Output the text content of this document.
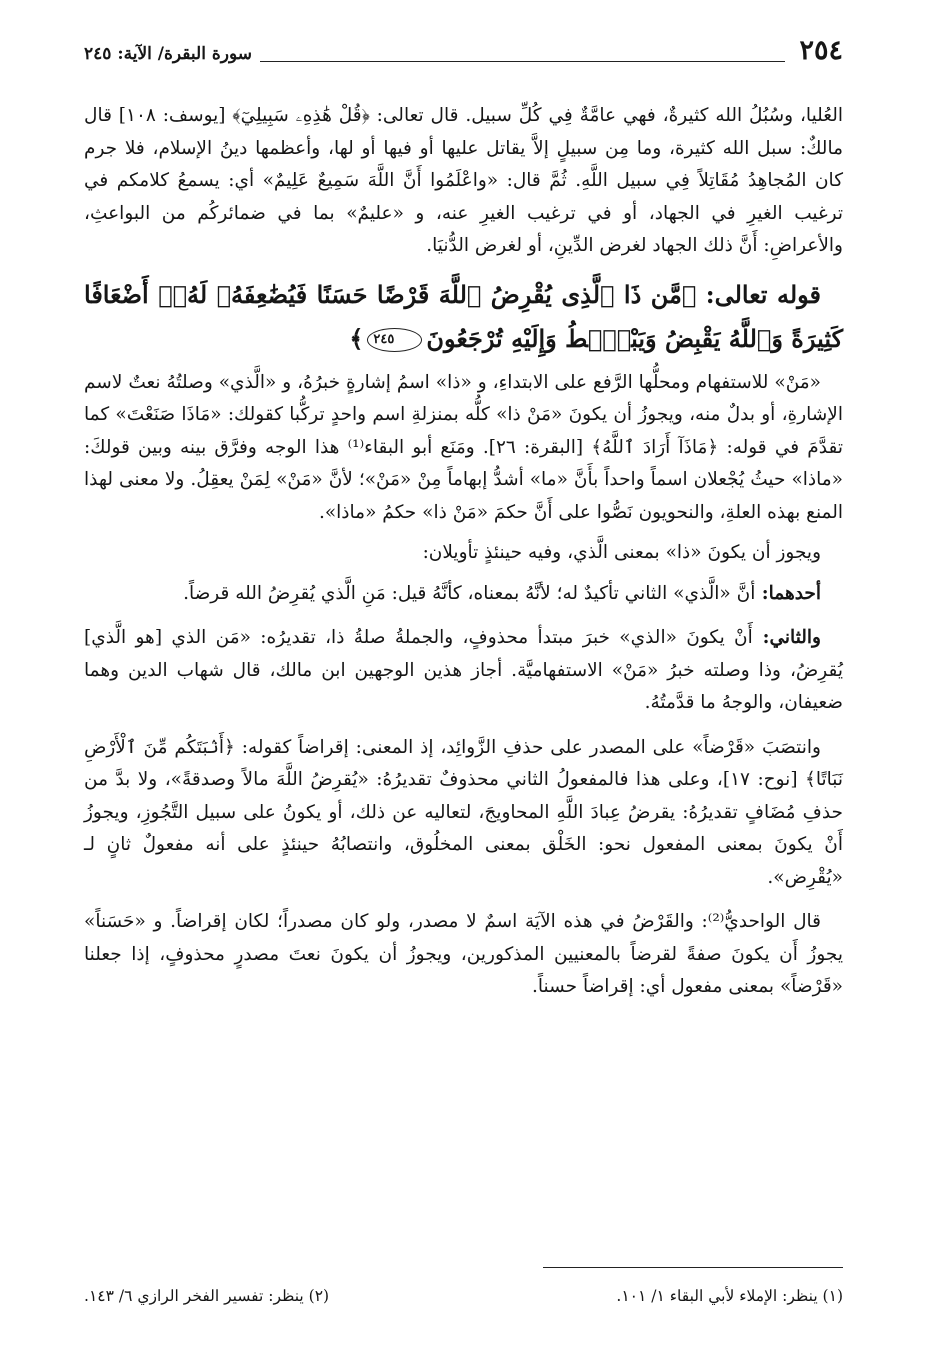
٢٥٤
سورة البقرة/ الآية: ٢٤٥

العُليا، وسُبُلُ الله كثيرةٌ، فهي عامَّةٌ فِي كُلِّ سبيل. قال تعالى: ﴿قُلْ هَٰذِهِۦ سَبِيلِيٓ﴾ [يوسف: ١٠٨] قال مالكٌ: سبل الله كثيرة، وما مِن سبيلٍ إلاَّ يقاتل عليها أو فيها أو لها، وأعظمها دينُ الإسلام، فلا جرم كان المُجاهِدُ مُقَاتِلاً فِي سبيل اللَّهِ. ثُمَّ قال: «واعْلَمُوا أَنَّ اللَّهَ سَمِيعٌ عَلِيمٌ» أي: يسمعُ كلامكم في ترغيب الغيرِ في الجهاد، أو في ترغيب الغيرِ عنه، و «عليمٌ» بما في ضمائركُم من البواعثِ، والأعراضِ: أَنَّ ذلك الجهاد لغرض الدِّينِ، أو لغرض الدُّنيَا.

قوله تعالى: ﴿مَّن ذَا ٱلَّذِى يُقْرِضُ ٱللَّهَ قَرْضًا حَسَنًا فَيُضَٰعِفَهُۥ لَهُۥٓ أَضْعَافًا كَثِيرَةً وَٱللَّهُ يَقْبِضُ وَيَبْصُۜطُ وَإِلَيْهِ تُرْجَعُونَ٢٤٥﴾

«مَنْ» للاستفهام ومحلُّها الرَّفع على الابتداءِ، و «ذا» اسمُ إشارةٍ خبرُهُ، و «الَّذي» وصلتُهُ نعتٌ لاسم الإشارةِ، أو بدلٌ منه، ويجوزُ أن يكونَ «مَنْ ذا» كلُّه بمنزلةِ اسم واحدٍ تركُّبا كقولك: «مَاذَا صَنَعْتَ» كما تقدَّمَ في قوله: ﴿مَاذَآ أَرَادَ ٱللَّهُ﴾ [البقرة: ٢٦]. ومَنَع أبو البقاء⁽¹⁾ هذا الوجه وفرَّق بينه وبين قولكَ: «ماذا» حيثُ يُجْعلان اسماً واحداً بأَنَّ «ما» أشدُّ إبهاماً مِنْ «مَنْ»؛ لأنَّ «مَنْ» لِمَنْ يعقِلُ. ولا معنى لهذا المنع بهذه العلةِ، والنحويون نَصُّوا على أَنَّ حكمَ «مَنْ ذا» حكمُ «ماذا».

ويجوز أن يكونَ «ذا» بمعنى الَّذي، وفيه حينئذٍ تأويلان:

أحدهما: أنَّ «الَّذي» الثاني تأكيدٌ له؛ لأنَّهُ بمعناه، كأنَّهُ قيل: مَنِ الَّذي يُقرِضُ الله قرضاً.

والثاني: أَنْ يكونَ «الذي» خبرَ مبتدأ محذوفٍ، والجملةُ صلةُ ذا، تقديرُه: «مَن الذي [هو الَّذي] يُقرِضُ، وذا وصلته خبرُ «مَنْ» الاستفهاميَّة. أجاز هذين الوجهين ابن مالك، قال شهاب الدين وهما ضعيفان، والوجهُ ما قدَّمتُهُ.

وانتصَبَ «قَرْضاً» على المصدر على حذفِ الزَّوائِد، إذ المعنى: إقراضاً كقوله: ﴿أَنۢبَتَكُم مِّنَ ٱلْأَرْضِ نَبَاتًا﴾ [نوح: ١٧]، وعلى هذا فالمفعولُ الثاني محذوفٌ تقديرُهُ: «يُقرِضُ اللَّهَ مالاً وصدقةً»، ولا بدَّ من حذفِ مُضَافٍ تقديرُهُ: يقرضُ عِبادَ اللَّهِ المحاويجَ، لتعاليه عن ذلك، أو يكونُ على سبيل التَّجُوزِ، ويجوزُ أَنْ يكونَ بمعنى المفعول نحو: الخَلْق بمعنى المخلُوق، وانتصابُهُ حينئذٍ على أنه مفعولٌ ثانٍ لـ «يُقْرِض».

قال الواحديُّ⁽²⁾: والقَرْضُ في هذه الآيَة اسمٌ لا مصدر، ولو كان مصدراً؛ لكان إقراضاً. و «حَسَناً» يجوزُ أَن يكونَ صفةً لقرضاً بالمعنيين المذكورين، ويجوزُ أن يكونَ نعتَ مصدرٍ محذوفٍ، إذا جعلنا «قَرْضاً» بمعنى مفعول أي: إقراضاً حسناً.

(١) ينظر: الإملاء لأبي البقاء ١/ ١٠١.
(٢) ينظر: تفسير الفخر الرازي ٦/ ١٤٣.
